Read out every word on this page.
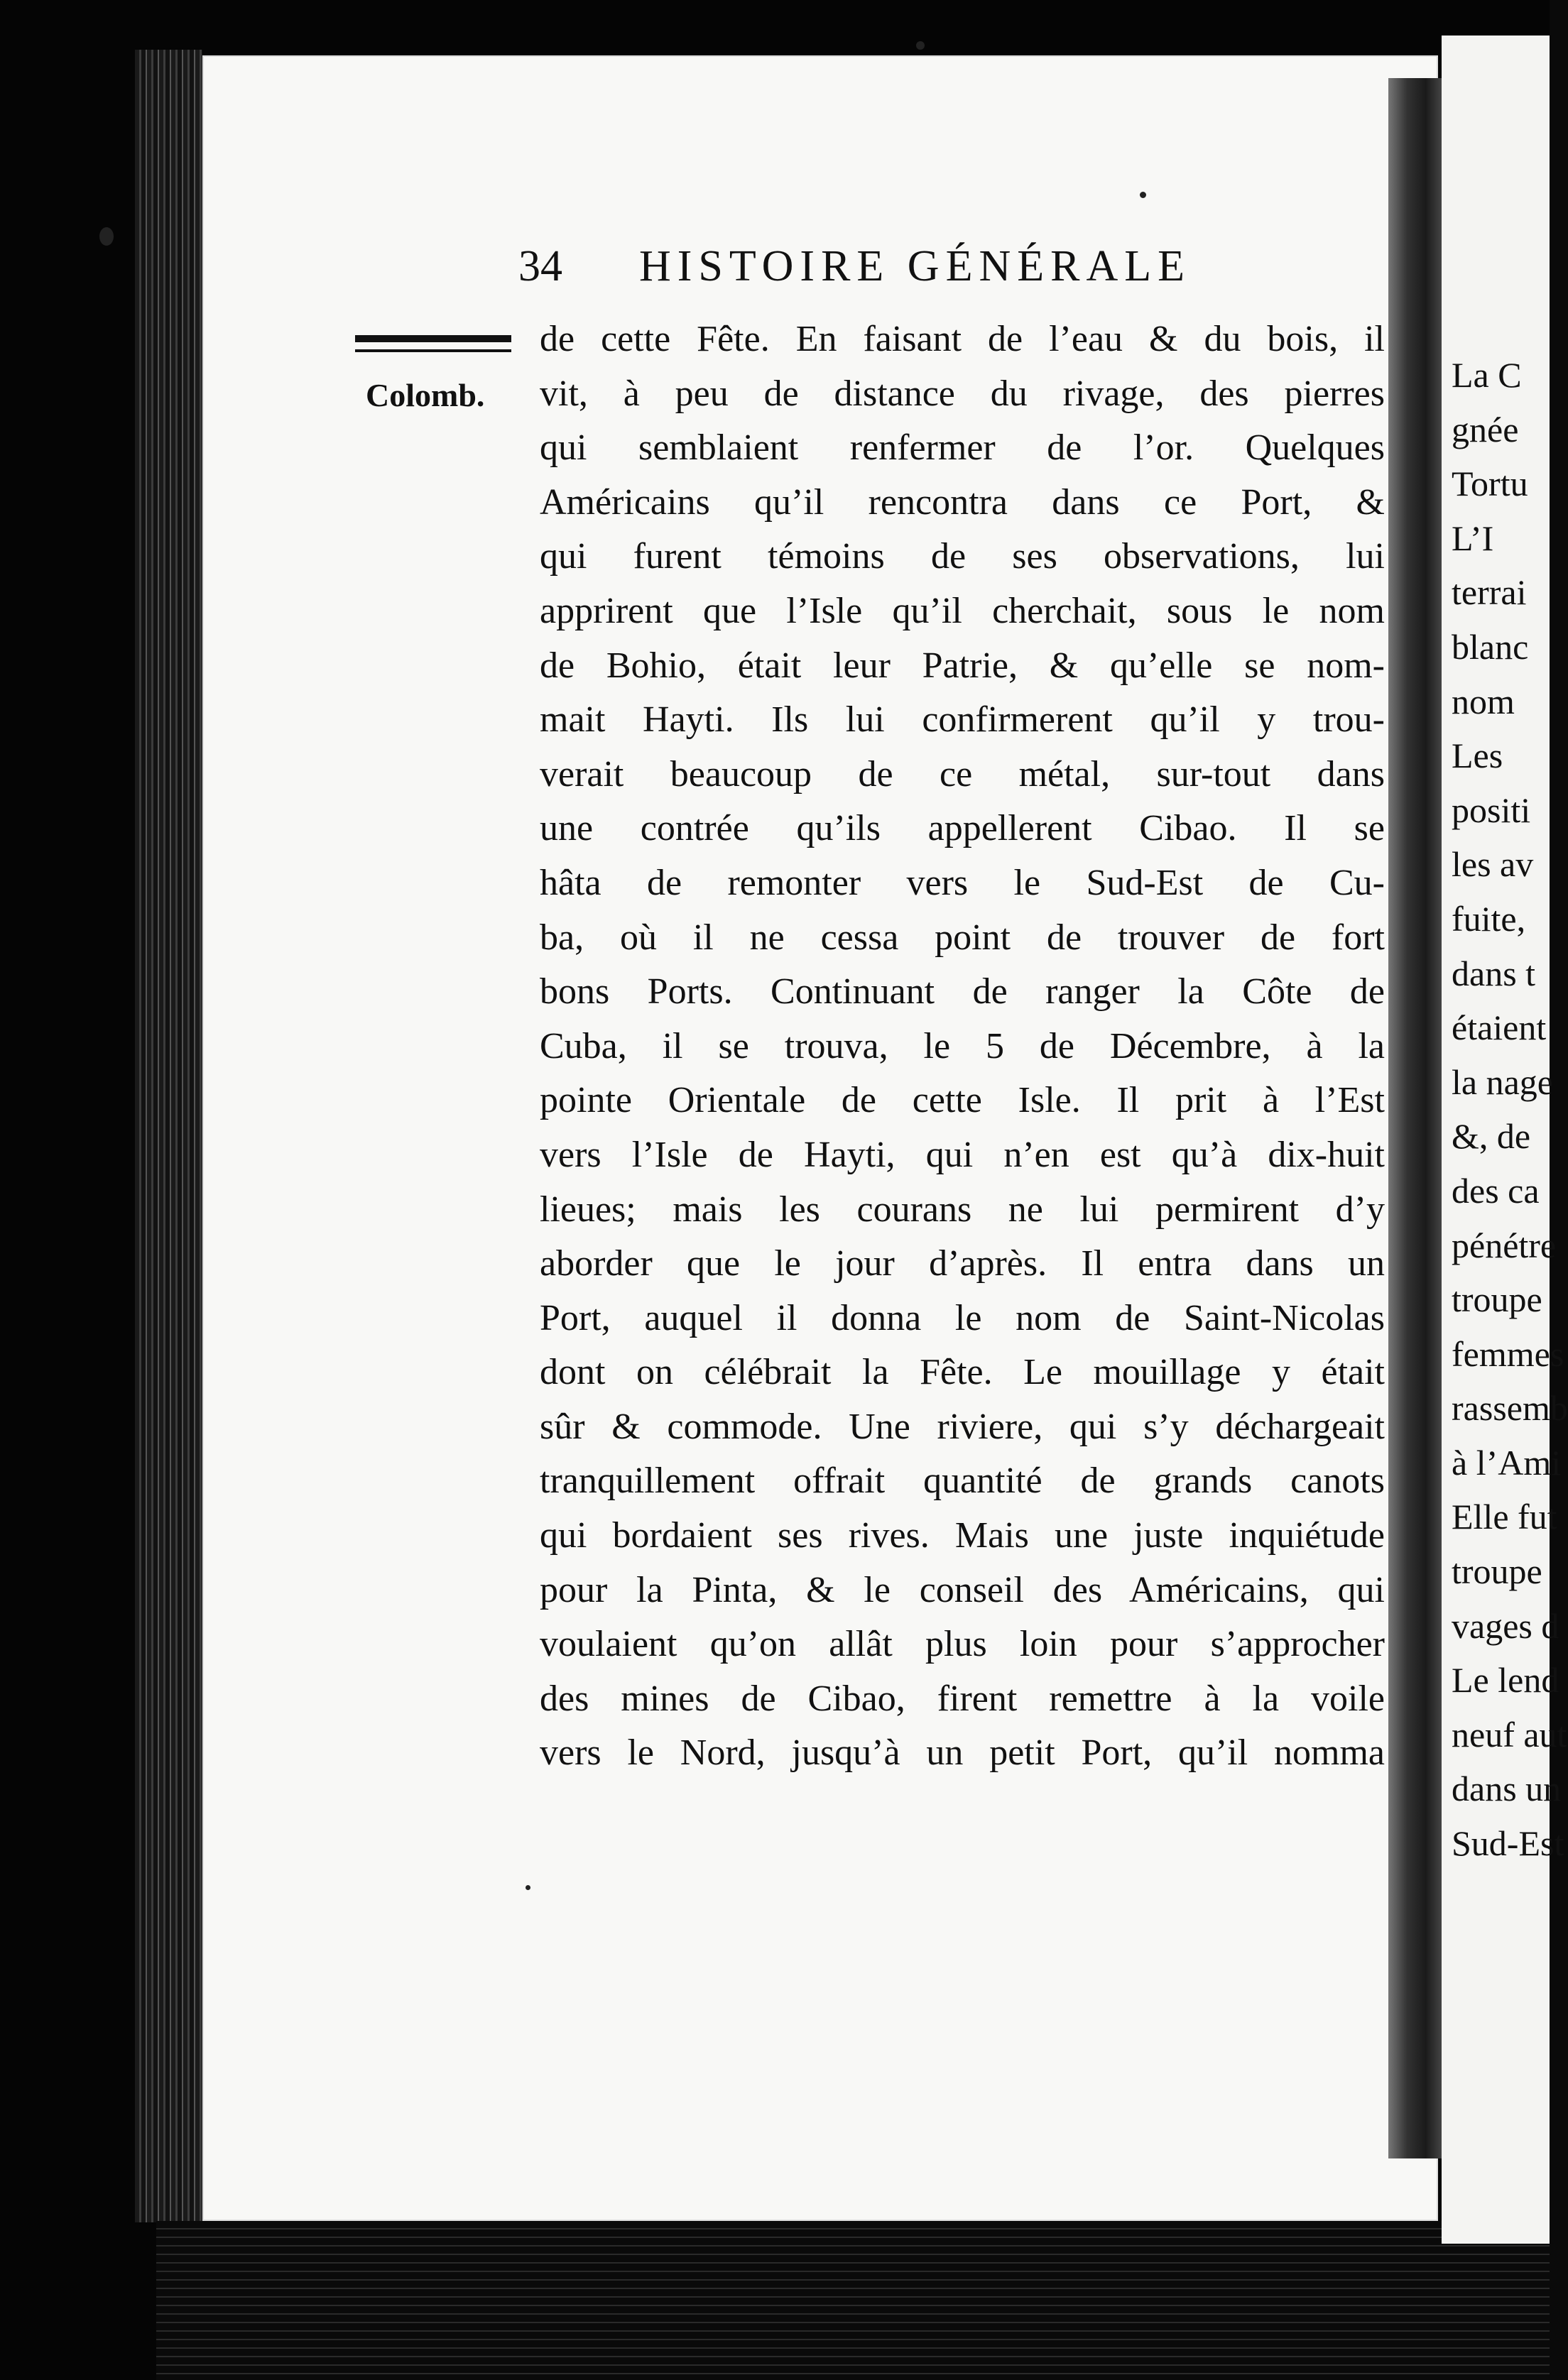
34 HISTOIRE GÉNÉRALE
Colomb.
de cette Fête. En faisant de l’eau & du bois, il
vit, à peu de distance du rivage, des pierres
qui semblaient renfermer de l’or. Quelques
Américains qu’il rencontra dans ce Port, &
qui furent témoins de ses observations, lui
apprirent que l’Isle qu’il cherchait, sous le nom
de Bohio, était leur Patrie, & qu’elle se nom-
mait Hayti. Ils lui confirmerent qu’il y trou-
verait beaucoup de ce métal, sur-tout dans
une contrée qu’ils appellerent Cibao. Il se
hâta de remonter vers le Sud-Est de Cu-
ba, où il ne cessa point de trouver de fort
bons Ports. Continuant de ranger la Côte de
Cuba, il se trouva, le 5 de Décembre, à la
pointe Orientale de cette Isle. Il prit à l’Est
vers l’Isle de Hayti, qui n’en est qu’à dix-huit
lieues; mais les courans ne lui permirent d’y
aborder que le jour d’après. Il entra dans un
Port, auquel il donna le nom de Saint-Nicolas
dont on célébrait la Fête. Le mouillage y était
sûr & commode. Une riviere, qui s’y déchargeait
tranquillement offrait quantité de grands canots
qui bordaient ses rives. Mais une juste inquiétude
pour la Pinta, & le conseil des Américains, qui
voulaient qu’on allât plus loin pour s’approcher
des mines de Cibao, firent remettre à la voile
vers le Nord, jusqu’à un petit Port, qu’il nomma
La C
gnée
Tortu
L’I
terrai
blanc
nom
Les
positi
les av
fuite,
dans t
étaient
la nage
&, de
des ca
pénétre
troupe
femmes
rassemb
à l’Ami
Elle fut
troupe
vages d
Le lend
neuf aut
dans un
Sud-Est
